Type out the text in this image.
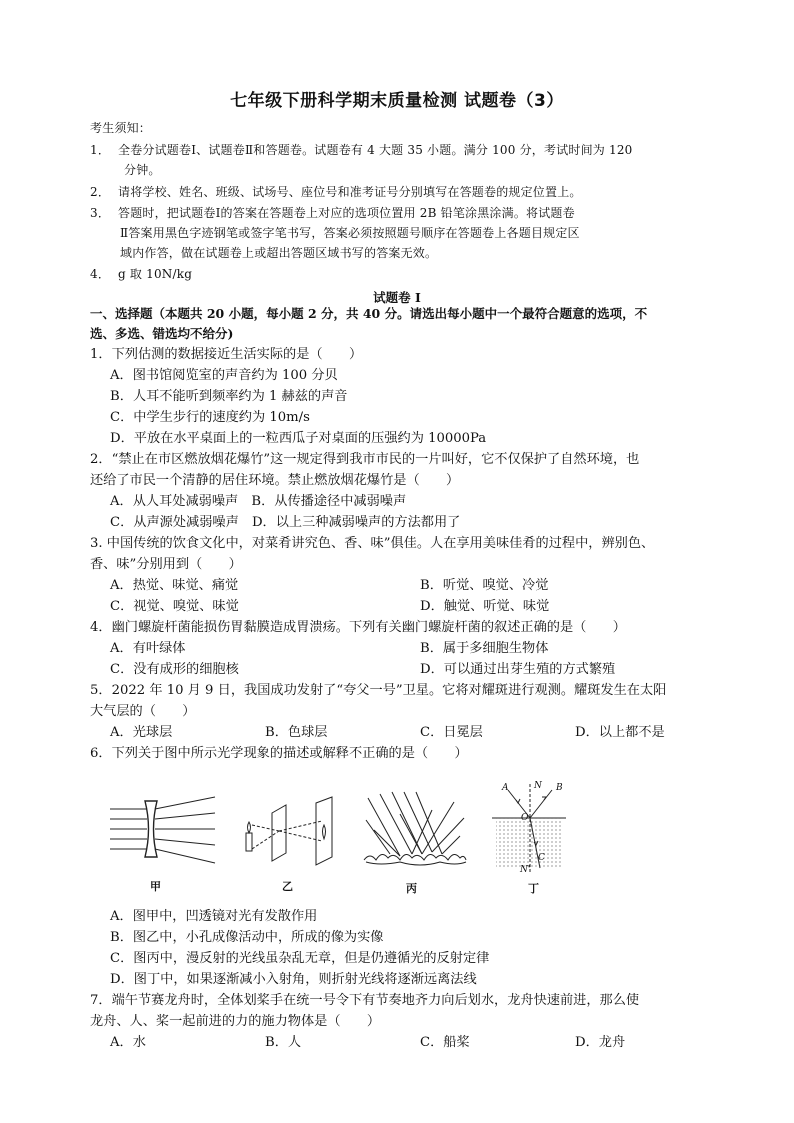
七年级下册科学期末质量检测 试题卷（3）
考生须知：
1． 全卷分试题卷Ⅰ、试题卷Ⅱ和答题卷。试题卷有 4 大题 35 小题。满分 100 分，考试时间为 120
分钟。
2． 请将学校、姓名、班级、试场号、座位号和准考证号分别填写在答题卷的规定位置上。
3． 答题时，把试题卷Ⅰ的答案在答题卷上对应的选项位置用 2B 铅笔涂黑涂满。将试题卷
Ⅱ答案用黑色字迹钢笔或签字笔书写，答案必须按照题号顺序在答题卷上各题目规定区
域内作答，做在试题卷上或超出答题区域书写的答案无效。
4． g 取 10N/kg
试题卷 I
一、选择题（本题共 20 小题，每小题 2 分，共 40 分。请选出每小题中一个最符合题意的选项，不
选、多选、错选均不给分)
1．下列估测的数据接近生活实际的是（　　）
A．图书馆阅览室的声音约为 100 分贝
B．人耳不能听到频率约为 1 赫兹的声音
C．中学生步行的速度约为 10m/s
D．平放在水平桌面上的一粒西瓜子对桌面的压强约为 10000Pa
2．“禁止在市区燃放烟花爆竹”这一规定得到我市市民的一片叫好，它不仅保护了自然环境，也
还给了市民一个清静的居住环境。禁止燃放烟花爆竹是（　　）
A．从人耳处减弱噪声　B．从传播途径中减弱噪声
C．从声源处减弱噪声　D．以上三种减弱噪声的方法都用了
3. 中国传统的饮食文化中，对菜肴讲究色、香、味”俱佳。人在享用美味佳肴的过程中，辨别色、
香、味”分别用到（　　）
A．热觉、味觉、痛觉	B．听觉、嗅觉、冷觉
C．视觉、嗅觉、味觉	D．触觉、听觉、味觉
4．幽门螺旋杆菌能损伤胃黏膜造成胃溃疡。下列有关幽门螺旋杆菌的叙述正确的是（　　）
A．有叶绿体	B．属于多细胞生物体
C．没有成形的细胞核	D．可以通过出芽生殖的方式繁殖
5．2022 年 10 月 9 日，我国成功发射了“夸父一号”卫星。它将对耀斑进行观测。耀斑发生在太阳
大气层的（　　）
A．光球层	B．色球层	C．日冕层	D．以上都不是
6．下列关于图中所示光学现象的描述或解释不正确的是（　　）
甲	乙	丙
A	N B
O
C
N'
丁
A．图甲中，凹透镜对光有发散作用
B．图乙中，小孔成像活动中，所成的像为实像
C．图丙中，漫反射的光线虽杂乱无章，但是仍遵循光的反射定律
D．图丁中，如果逐渐减小入射角，则折射光线将逐渐远离法线
7．端午节赛龙舟时，全体划桨手在统一号令下有节奏地齐力向后划水，龙舟快速前进，那么使
龙舟、人、桨一起前进的力的施力物体是（　　）
A．水	B．人	C．船桨	D．龙舟
